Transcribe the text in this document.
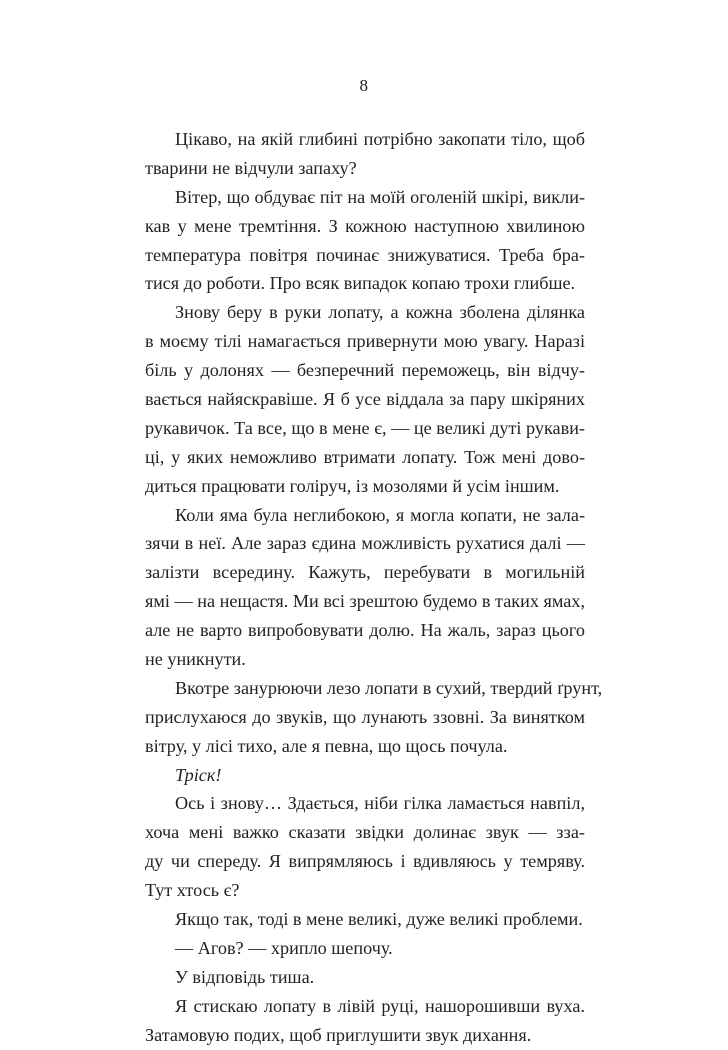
8
Цікаво, на якій глибині потрібно закопати тіло, щоб
тварини не відчули запаху?
Вітер, що обдуває піт на моїй оголеній шкірі, викли-
кав у мене тремтіння. З кожною наступною хвилиною
температура повітря починає знижуватися. Треба бра-
тися до роботи. Про всяк випадок копаю трохи глибше.
Знову беру в руки лопату, а кожна зболена ділянка
в моєму тілі намагається привернути мою увагу. Наразі
біль у долонях — безперечний переможець, він відчу-
вається найяскравіше. Я б усе віддала за пару шкіряних
рукавичок. Та все, що в мене є, — це великі дуті рукави-
ці, у яких неможливо втримати лопату. Тож мені дово-
диться працювати голіруч, із мозолями й усім іншим.
Коли яма була неглибокою, я могла копати, не зала-
зячи в неї. Але зараз єдина можливість рухатися далі —
залізти всередину. Кажуть, перебувати в могильній
ямі — на нещастя. Ми всі зрештою будемо в таких ямах,
але не варто випробовувати долю. На жаль, зараз цього
не уникнути.
Вкотре занурюючи лезо лопати в сухий, твердий ґрунт,
прислухаюся до звуків, що лунають ззовні. За винятком
вітру, у лісі тихо, але я певна, що щось почула.
Тріск!
Ось і знову… Здається, ніби гілка ламається навпіл,
хоча мені важко сказати звідки долинає звук — зза-
ду чи спереду. Я випрямляюсь і вдивляюсь у темряву.
Тут хтось є?
Якщо так, тоді в мене великі, дуже великі проблеми.
— Агов? — хрипло шепочу.
У відповідь тиша.
Я стискаю лопату в лівій руці, нашорошивши вуха.
Затамовую подих, щоб приглушити звук дихання.
